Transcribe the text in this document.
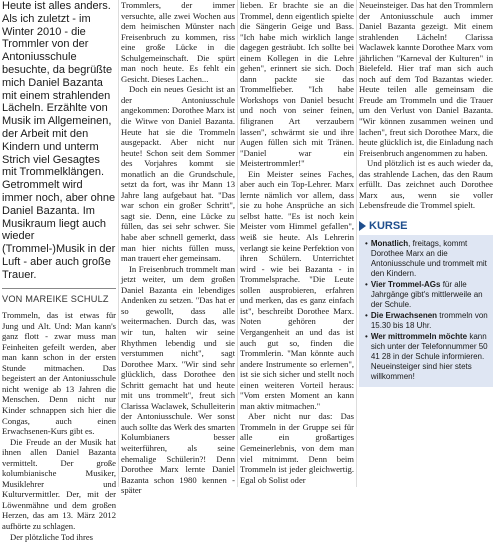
Heute ist alles anders. Als ich zuletzt - im Winter 2010 - die Trommler von der Antoniusschule besuchte, da begrüßte mich Daniel Bazanta mit einem strahlenden Lächeln. Erzählte von Musik im Allgemeinen, der Arbeit mit den Kindern und unterm Strich viel Gesagtes mit Trommelklängen. Getrommelt wird immer noch, aber ohne Daniel Bazanta. Im Musikraum liegt auch wieder (Trommel-)Musik in der Luft - aber auch große Trauer.

VON MAREIKE SCHULZ

Trommeln, das ist etwas für Jung und Alt. Und: Man kann's ganz flott - zwar muss man Feinheiten gefeilt werden, aber man kann schon in der ersten Stunde mitmachen. Das begeistert an der Antoniusschule nicht wenige ab 13 Jahren die Menschen. Denn nicht nur Kinder schnappen sich hier die Congas, auch einen Erwachsenen-Kurs gibt es.

Die Freude an der Musik hat ihnen allen Daniel Bazanta vermittelt. Der große kolumbianische Musiker, Musiklehrer und Kulturvermittler. Der, mit der Löwenmähne und dem großen Herzen, das am 13. März 2012 aufhörte zu schlagen.

Der plötzliche Tod ihres

Trommlers, der immer versuchte, alle zwei Wochen aus dem heimischen Münster nach Freisenbruch zu kommen, riss eine große Lücke in die Schulgemeinschaft. Die spürt man noch heute. Es fehlt ein Gesicht. Dieses Lachen...

Doch ein neues Gesicht ist an der Antoniusschule angekommen: Dorothee Marx ist die Witwe von Daniel Bazanta. Heute hat sie die Trommeln ausgepackt. Aber nicht nur heute! Schon seit dem Sommer des Vorjahres kommt sie monatlich an die Grundschule, setzt da fort, was ihr Mann 13 Jahre lang aufgebaut hat. "Das war schon ein großer Schritt", sagt sie. Denn, eine Lücke zu füllen, das sei sehr schwer. Sie habe aber schnell gemerkt, dass man hier nichts füllen muss, man trauert eher gemeinsam.

In Freisenbruch trommelt man jetzt weiter, um dem großen Daniel Bazanta ein lebendiges Andenken zu setzen. "Das hat er so gewollt, dass alle weitermachen. Durch das, was wir tun, halten wir seine Rhythmen lebendig und sie verstummen nicht", sagt Dorothee Marx. "Wir sind sehr glücklich, dass Dorothee den Schritt gemacht hat und heute mit uns trommelt", freut sich Clarissa Waclawek, Schulleiterin der Antoniusschule. Wer sonst auch sollte das Werk des smarten Kolumbianers besser weiterführen, als seine ehemalige Schülerin?! Denn Dorothee Marx lernte Daniel Bazanta schon 1980 kennen - später

lieben. Er brachte sie an die Trommel, denn eigentlich spielte die Sängerin Geige und Bass. "Ich habe mich wirklich lange dagegen gesträubt. Ich sollte bei einem Kollegen in die Lehre gehen", erinnert sie sich. Doch dann packte sie das Trommelfieber. "Ich habe Workshops von Daniel besucht und noch von seiner feinen, filigranen Art verzaubern lassen", schwärmt sie und ihre Augen füllen sich mit Tränen. "Daniel war ein Meistertrommler!"

Ein Meister seines Faches, aber auch ein Top-Lehrer. Marx lernte nämlich vor allem, dass sie zu hohe Ansprüche an sich selbst hatte. "Es ist noch kein Meister vom Himmel gefallen", weiß sie heute. Als Lehrerin verlangt sie keine Perfektion von ihren Schülern. Unterrichtet wird - wie bei Bazanta - in Trommelsprache. "Die Leute sollen ausprobieren, erfahren und merken, das es ganz einfach ist", beschreibt Dorothee Marx. Noten gehören der Vergangenheit an und das ist auch gut so, finden die Trommlerin. "Man könnte auch andere Instrumente so erlernen", ist sie sich sicher und stellt noch einen weiteren Vorteil heraus: "Vom ersten Moment an kann man aktiv mitmachen."

Aber nicht nur das: Das Trommeln in der Gruppe sei für alle ein großartiges Gemeinerlebnis, von dem man viel mitnimmt. Denn beim Trommeln ist jeder gleichwertig. Egal ob Solist oder

Neueinsteiger. Das hat den Trommlern der Antoniusschule auch immer Daniel Bazanta gezeigt. Mit einem strahlenden Lächeln! Clarissa Waclawek kannte Dorothee Marx vom jährlichen "Karneval der Kulturen" in Bielefeld. Hier traf man sich auch noch auf dem Tod Bazantas wieder. Heute teilen alle gemeinsam die Freude am Trommeln und die Trauer um den Verlust von Daniel Bazanta. "Wir können zusammen weinen und lachen", freut sich Dorothee Marx, die heute glücklich ist, die Einladung nach Freisenbruch angenommen zu haben.

Und plötzlich ist es auch wieder da, das strahlende Lachen, das den Raum erfüllt. Das zeichnet auch Dorothee Marx aus, wenn sie voller Lebensfreude die Trommel spielt.

KURSE
• Monatlich, freitags, kommt Dorothee Marx an die Antoniusschule und trommelt mit den Kindern.
• Vier Trommel-AGs für alle Jahrgänge gibt's mittlerweile an der Schule.
• Die Erwachsenen trommeln von 15.30 bis 18 Uhr.
• Wer mittrommeln möchte kann sich unter der Telefonnummer 50 41 28 in der Schule informieren. Neueinsteiger sind hier stets willkommen!
